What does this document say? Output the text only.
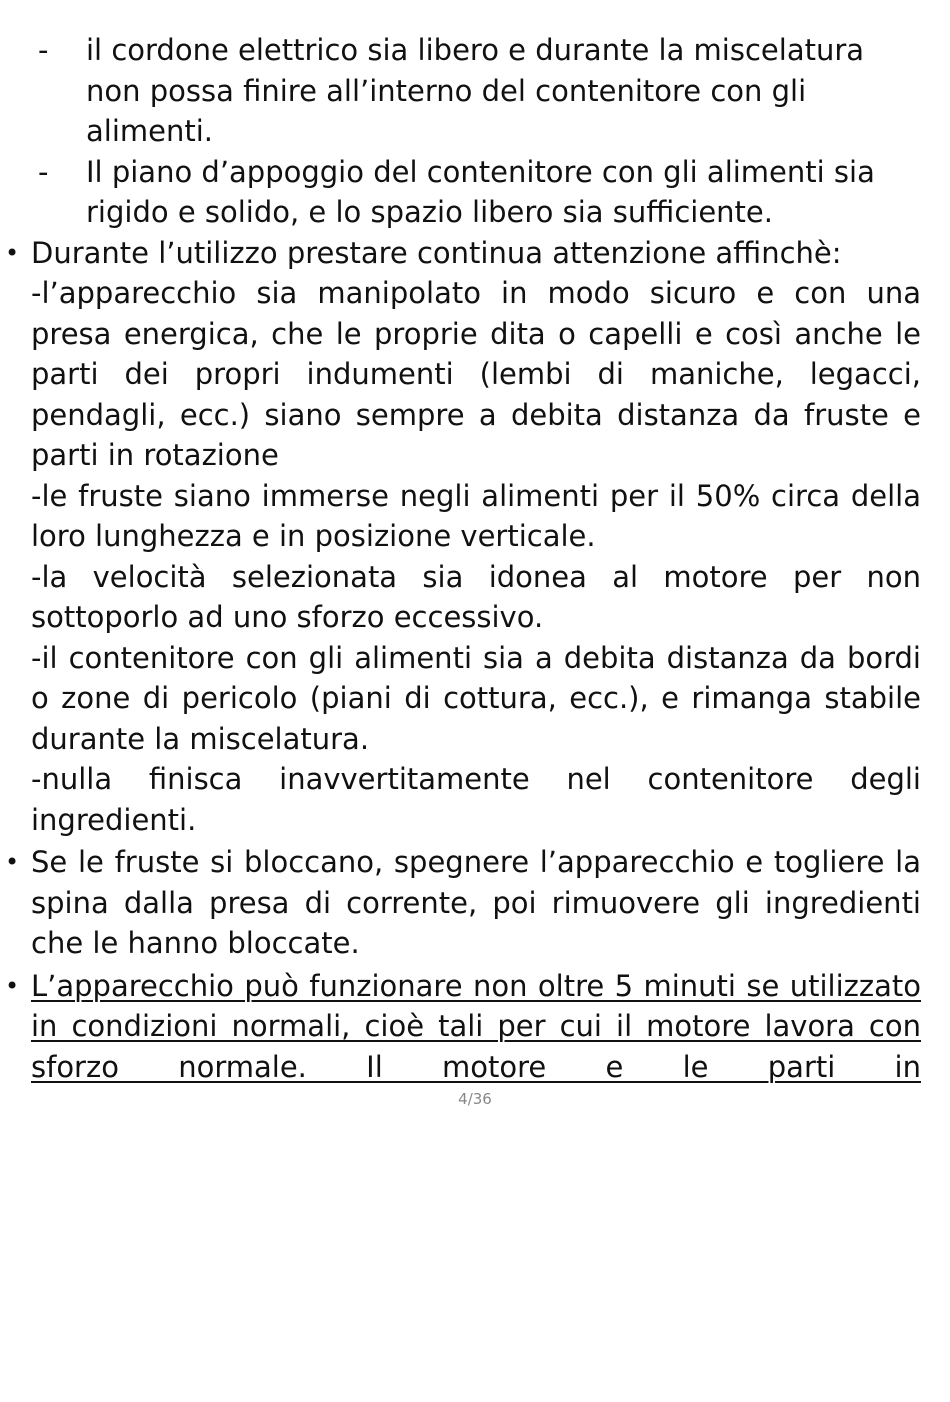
- il cordone elettrico sia libero e durante la miscelatura non possa finire all’interno del contenitore con gli alimenti.
- Il piano d’appoggio del contenitore con gli alimenti sia rigido e solido, e lo spazio libero sia sufficiente.
• Durante l’utilizzo prestare continua attenzione affinchè:

-l’apparecchio sia manipolato in modo sicuro e con una presa energica, che le proprie dita o capelli e così anche le parti dei propri indumenti (lembi di maniche, legacci, pendagli, ecc.) siano sempre a debita distanza da fruste e parti in rotazione

-le fruste siano immerse negli alimenti per il 50% circa della loro lunghezza e in posizione verticale.

-la velocità selezionata sia idonea al motore per non sottoporlo ad uno sforzo eccessivo.

-il contenitore con gli alimenti sia a debita distanza da bordi o zone di pericolo (piani di cottura, ecc.), e rimanga stabile durante la miscelatura.

-nulla finisca inavvertitamente nel contenitore degli ingredienti.

• Se le fruste si bloccano, spegnere l’apparecchio e togliere la spina dalla presa di corrente, poi rimuovere gli ingredienti che le hanno bloccate.

• L’apparecchio può funzionare non oltre 5 minuti se utilizzato in condizioni normali, cioè tali per cui il motore lavora con sforzo normale. Il motore e le parti in

4/36
